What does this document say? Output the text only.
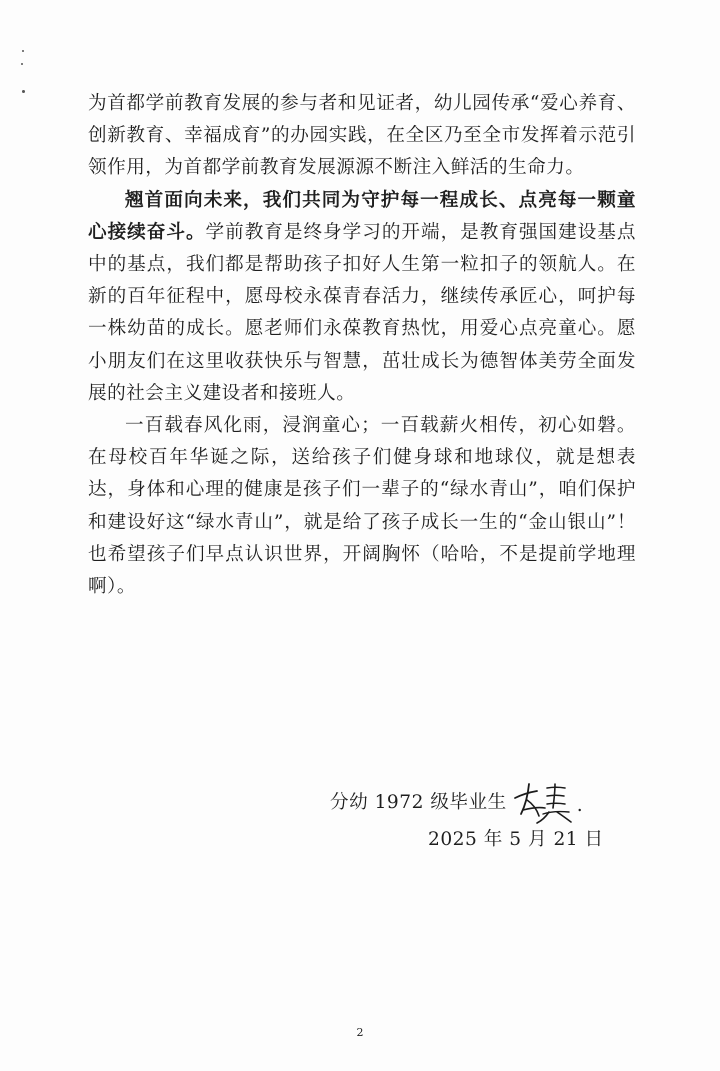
为首都学前教育发展的参与者和见证者，幼儿园传承“爱心养育、创新教育、幸福成育”的办园实践，在全区乃至全市发挥着示范引领作用，为首都学前教育发展源源不断注入鲜活的生命力。

翘首面向未来，我们共同为守护每一程成长、点亮每一颗童心接续奋斗。学前教育是终身学习的开端，是教育强国建设基点中的基点，我们都是帮助孩子扣好人生第一粒扣子的领航人。在新的百年征程中，愿母校永葆青春活力，继续传承匠心，呵护每一株幼苗的成长。愿老师们永葆教育热忱，用爱心点亮童心。愿小朋友们在这里收获快乐与智慧，茁壮成长为德智体美劳全面发展的社会主义建设者和接班人。

一百载春风化雨，浸润童心；一百载薪火相传，初心如磐。在母校百年华诞之际，送给孩子们健身球和地球仪，就是想表达，身体和心理的健康是孩子们一辈子的“绿水青山”，咱们保护和建设好这“绿水青山”，就是给了孩子成长一生的“金山银山”！也希望孩子们早点认识世界，开阔胸怀（哈哈，不是提前学地理啊）。

分幼 1972 级毕业生	.
2025 年 5 月 21 日
2
